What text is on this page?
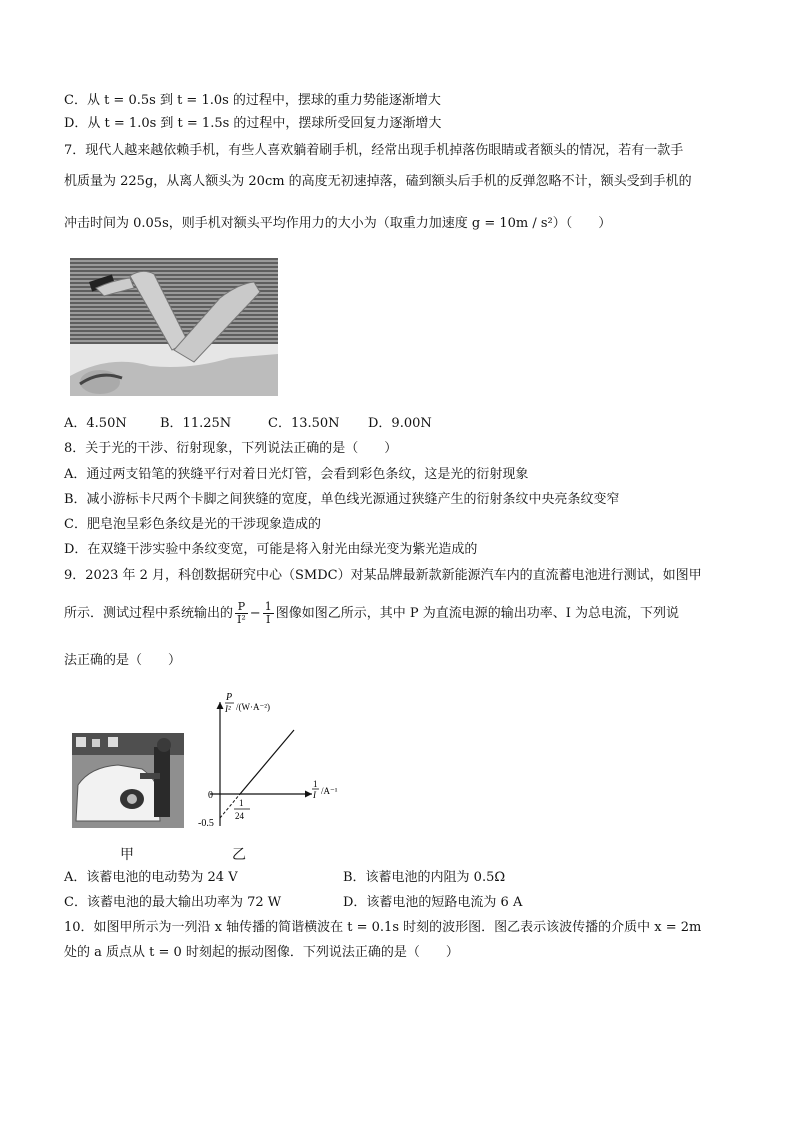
C．从 t = 0.5s 到 t = 1.0s 的过程中，摆球的重力势能逐渐增大
D．从 t = 1.0s 到 t = 1.5s 的过程中，摆球所受回复力逐渐增大
7．现代人越来越依赖手机，有些人喜欢躺着刷手机，经常出现手机掉落伤眼睛或者额头的情况，若有一款手
机质量为 225g，从离人额头为 20cm 的高度无初速掉落，磕到额头后手机的反弹忽略不计，额头受到手机的
冲击时间为 0.05s，则手机对额头平均作用力的大小为（取重力加速度 g = 10m / s²）（　　）
A．4.50N	B．11.25N	C．13.50N D．9.00N
8．关于光的干涉、衍射现象，下列说法正确的是（　　）
A．通过两支铅笔的狭缝平行对着日光灯管，会看到彩色条纹，这是光的衍射现象
B．减小游标卡尺两个卡脚之间狭缝的宽度，单色线光源通过狭缝产生的衍射条纹中央亮条纹变窄
C．肥皂泡呈彩色条纹是光的干涉现象造成的
D．在双缝干涉实验中条纹变宽，可能是将入射光由绿光变为紫光造成的
9．2023 年 2 月，科创数据研究中心（SMDC）对某品牌最新款新能源汽车内的直流蓄电池进行测试，如图甲
所示．测试过程中系统输出的 $\frac{P}{\text{I²}} - \frac{1}{I}$ 图像如图乙所示，其中 P 为直流电源的输出功率、I 为总电流，下列说
法正确的是（　　）
P
I² /(W·A⁻²)
1
I /A⁻¹
0
-0.5
1
24
甲	乙
A．该蓄电池的电动势为 24 V	B．该蓄电池的内阻为 0.5Ω
C．该蓄电池的最大输出功率为 72 W	D．该蓄电池的短路电流为 6 A
10．如图甲所示为一列沿 x 轴传播的简谐横波在 t = 0.1s 时刻的波形图．图乙表示该波传播的介质中 x = 2m
处的 a 质点从 t = 0 时刻起的振动图像．下列说法正确的是（　　）
